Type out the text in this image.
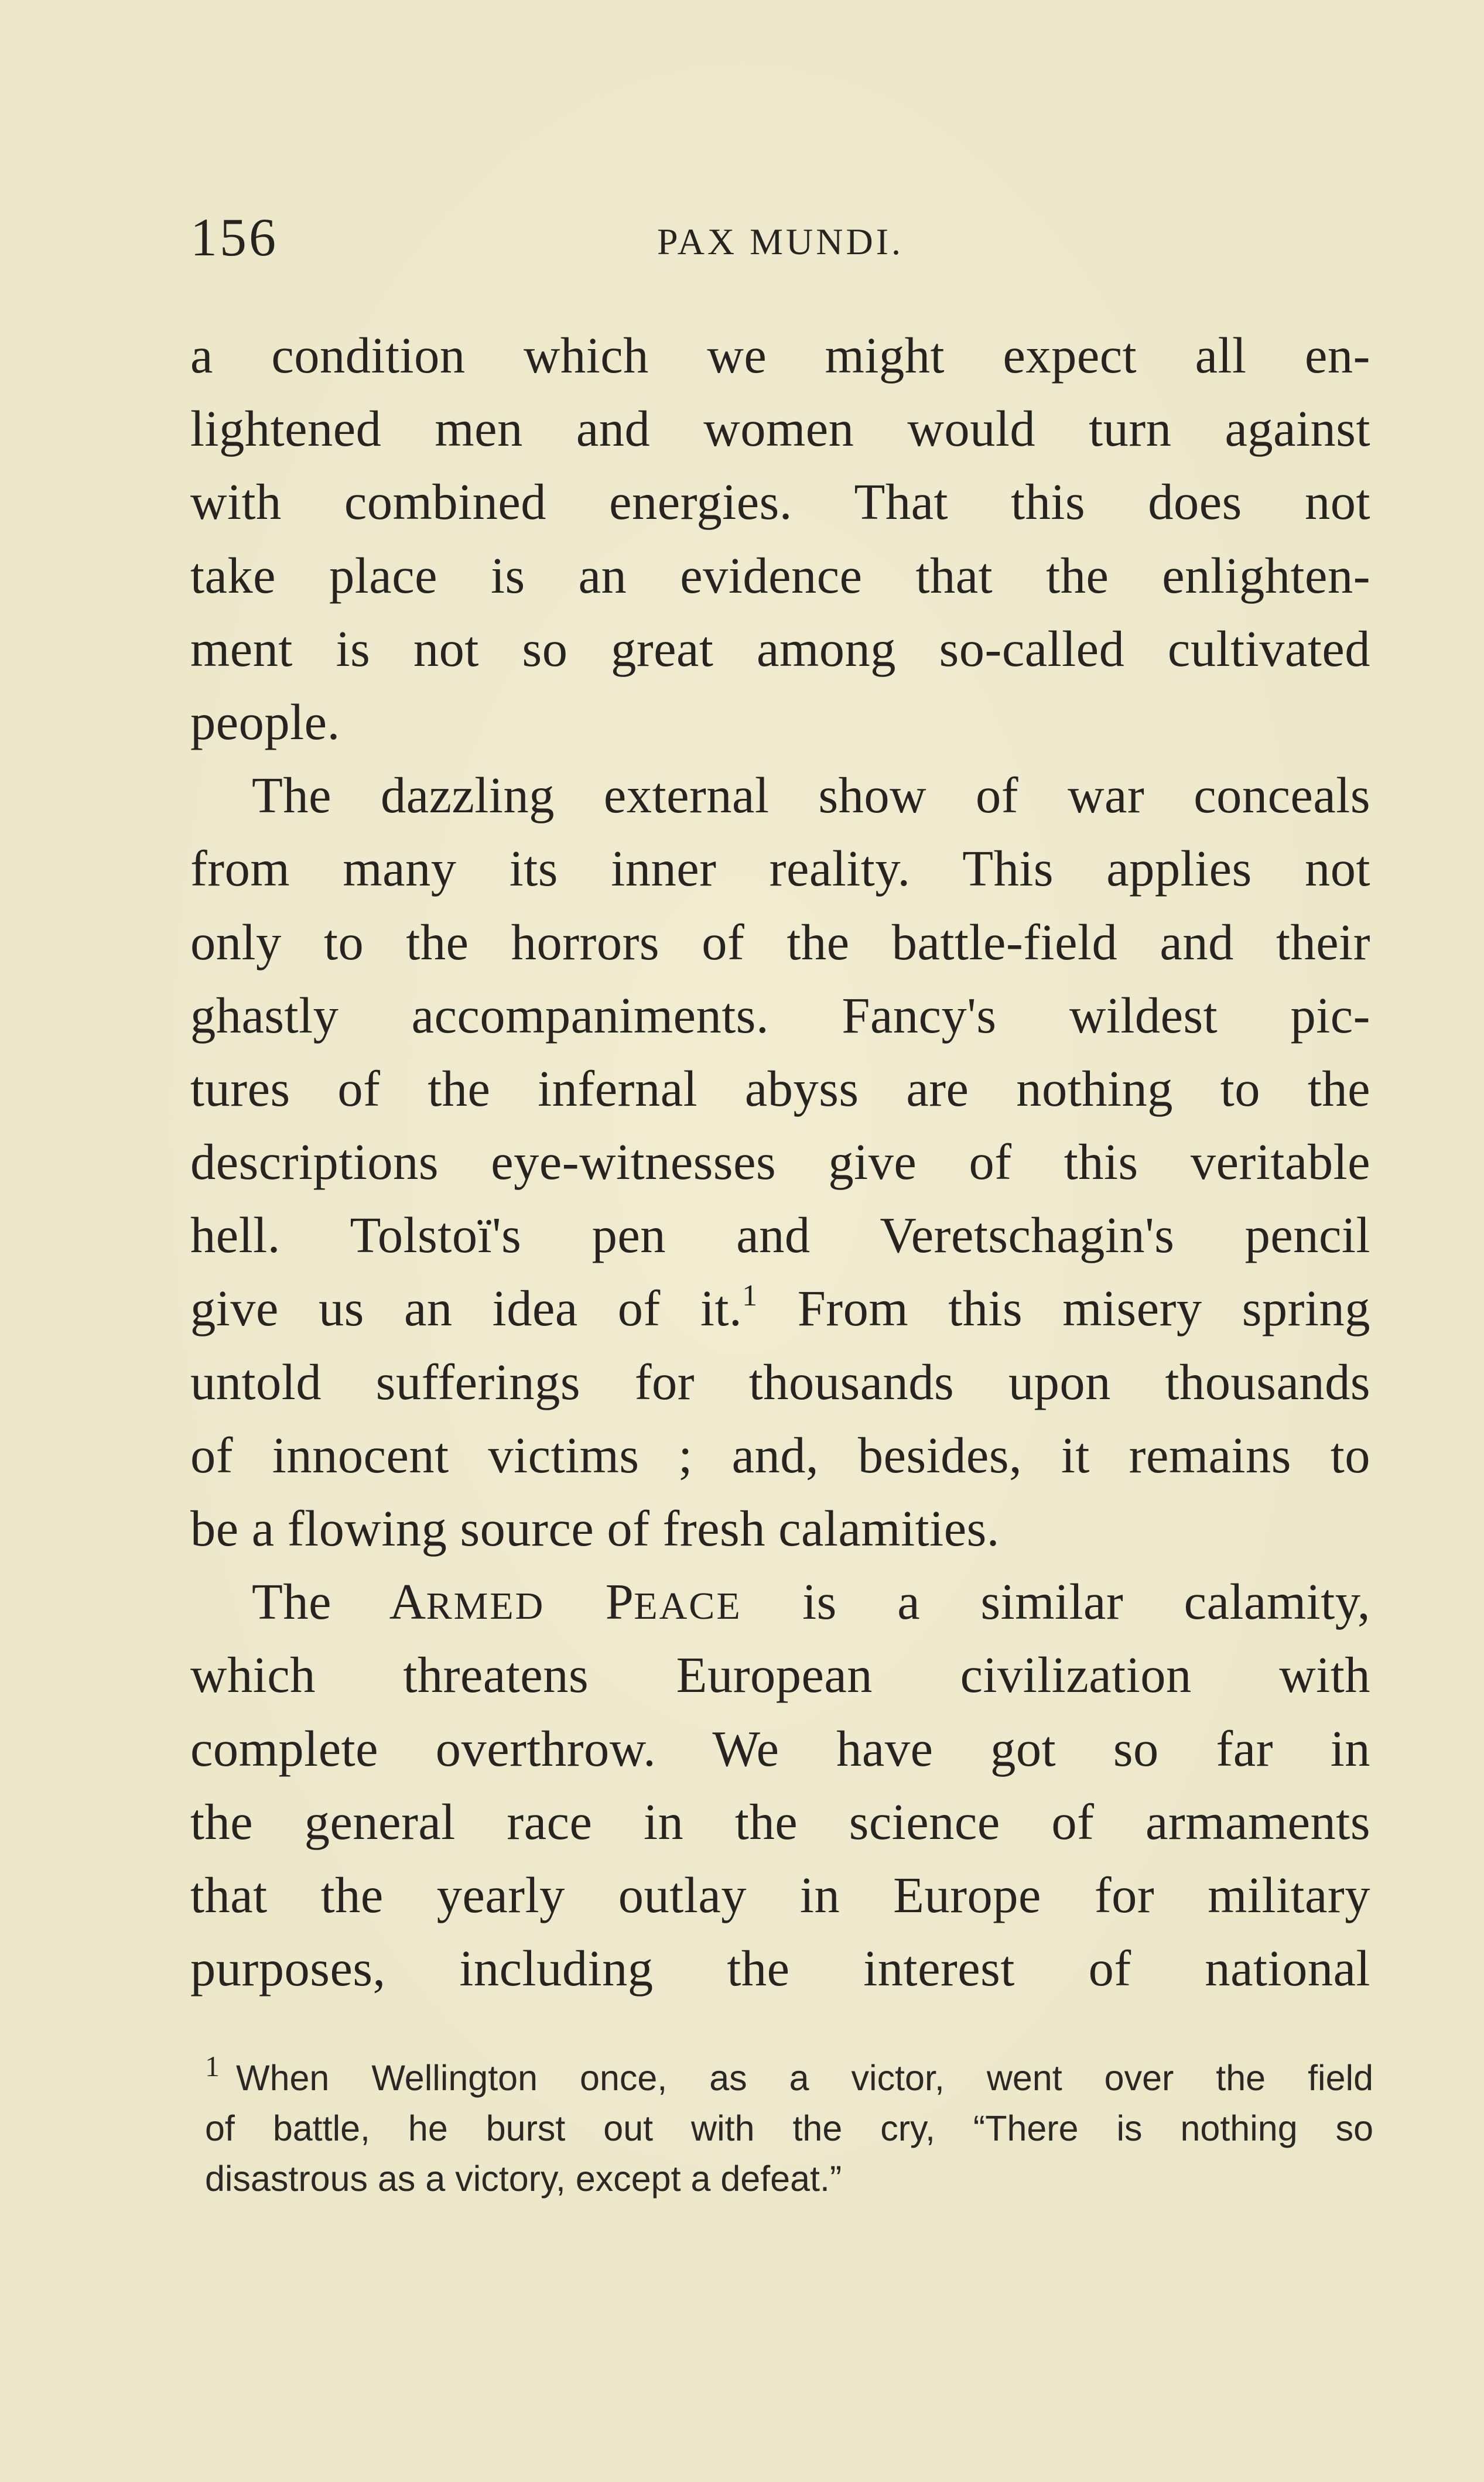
156	PAX MUNDI.
a condition which we might expect all en-
lightened men and women would turn against
with combined energies. That this does not
take place is an evidence that the enlighten-
ment is not so great among so-called cultivated
people.
The dazzling external show of war conceals
from many its inner reality. This applies not
only to the horrors of the battle-field and their
ghastly accompaniments. Fancy's wildest pic-
tures of the infernal abyss are nothing to the
descriptions eye-witnesses give of this veritable
hell. Tolstoï's pen and Veretschagin's pencil
give us an idea of it.$^1$ From this misery spring
untold sufferings for thousands upon thousands
of innocent victims ; and, besides, it remains to
be a flowing source of fresh calamities.
The ARMED PEACE is a similar calamity,
which threatens European civilization with
complete overthrow. We have got so far in
the general race in the science of armaments
that the yearly outlay in Europe for military
purposes, including the interest of national
$^1$ When Wellington once, as a victor, went over the field
of battle, he burst out with the cry, “There is nothing so
disastrous as a victory, except a defeat.”
